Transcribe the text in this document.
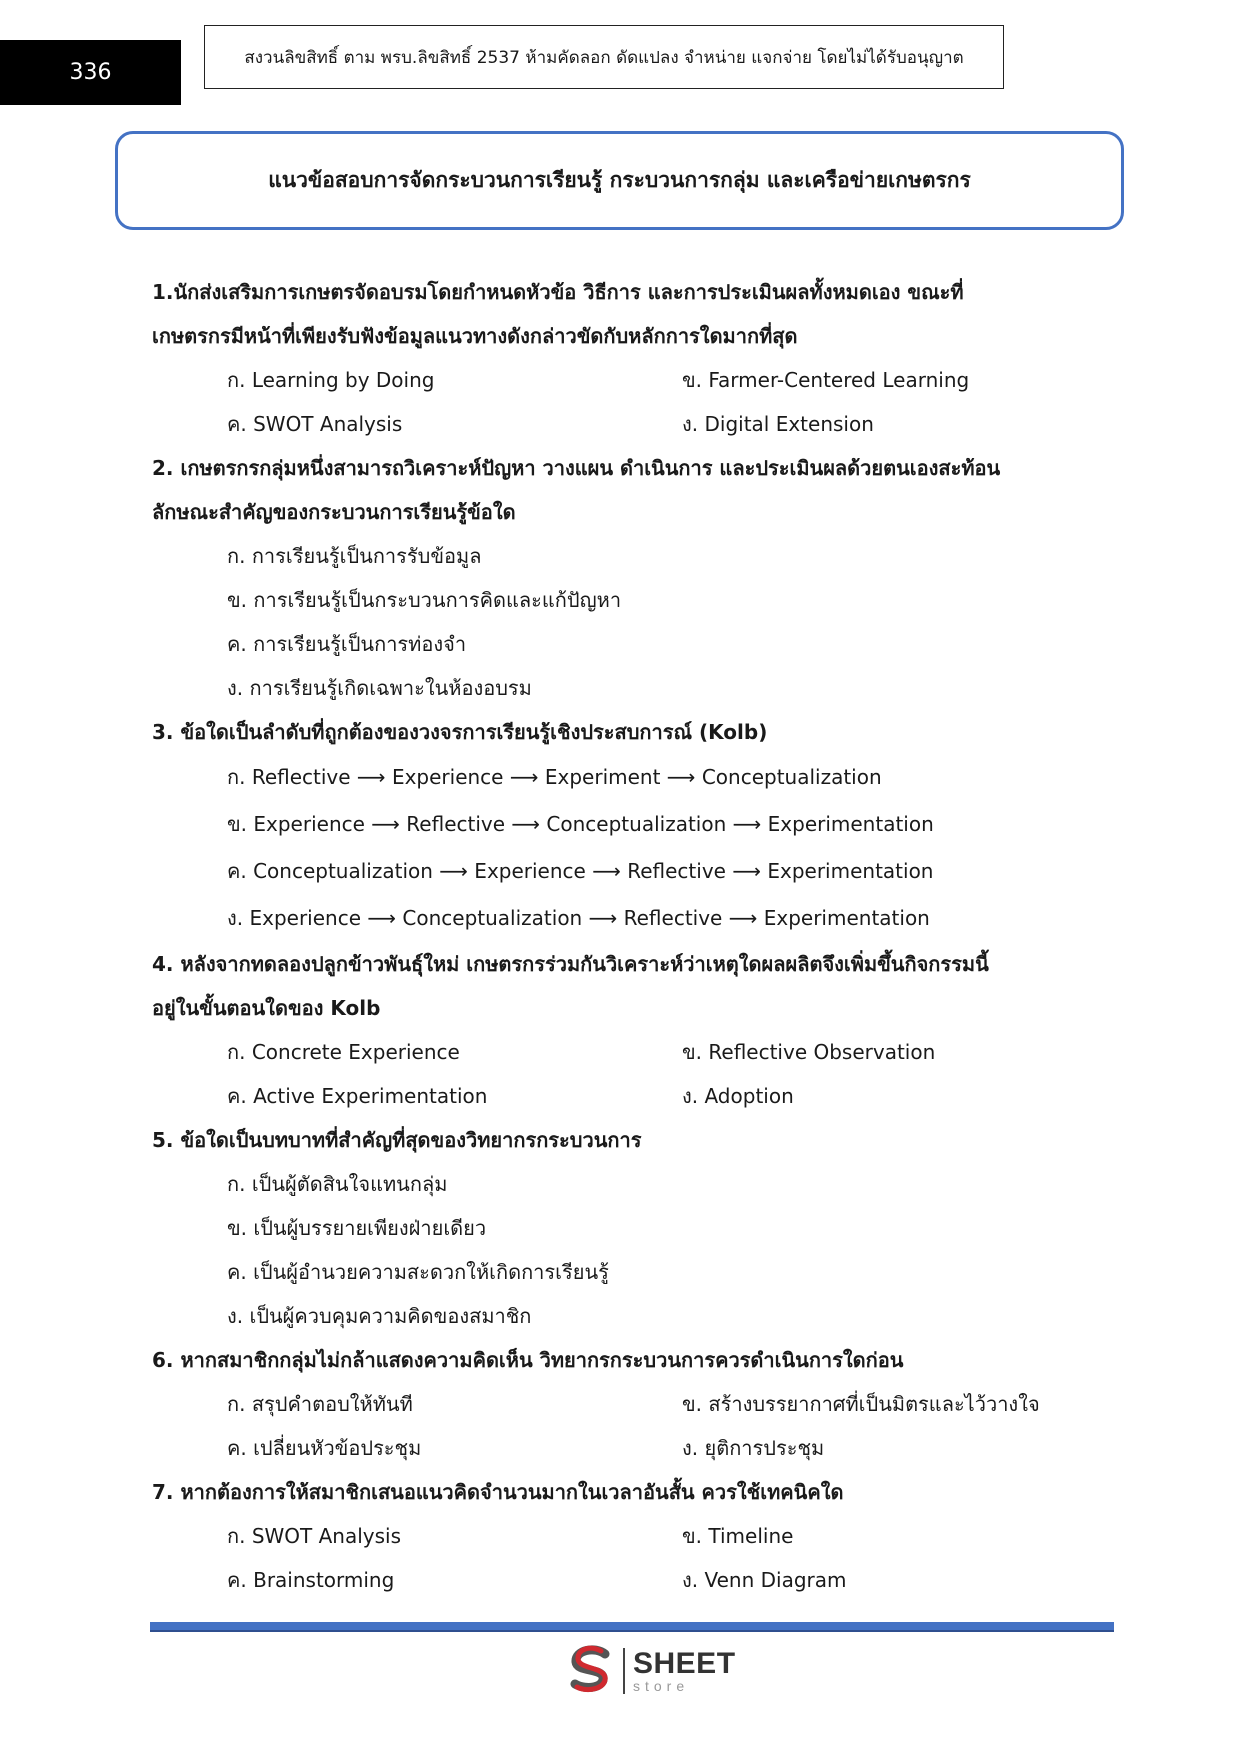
336
สงวนลิขสิทธิ์ ตาม พรบ.ลิขสิทธิ์ 2537 ห้ามคัดลอก ดัดแปลง จำหน่าย แจกจ่าย โดยไม่ได้รับอนุญาต
แนวข้อสอบการจัดกระบวนการเรียนรู้ กระบวนการกลุ่ม และเครือข่ายเกษตรกร
1.นักส่งเสริมการเกษตรจัดอบรมโดยกำหนดหัวข้อ วิธีการ และการประเมินผลทั้งหมดเอง ขณะที่
เกษตรกรมีหน้าที่เพียงรับฟังข้อมูลแนวทางดังกล่าวขัดกับหลักการใดมากที่สุด
ก. Learning by Doing	ข. Farmer-Centered Learning
ค. SWOT Analysis	ง. Digital Extension
2. เกษตรกรกลุ่มหนึ่งสามารถวิเคราะห์ปัญหา วางแผน ดำเนินการ และประเมินผลด้วยตนเองสะท้อน
ลักษณะสำคัญของกระบวนการเรียนรู้ข้อใด
ก. การเรียนรู้เป็นการรับข้อมูล
ข. การเรียนรู้เป็นกระบวนการคิดและแก้ปัญหา
ค. การเรียนรู้เป็นการท่องจำ
ง. การเรียนรู้เกิดเฉพาะในห้องอบรม
3. ข้อใดเป็นลำดับที่ถูกต้องของวงจรการเรียนรู้เชิงประสบการณ์ (Kolb)
ก. Reflective ⟶ Experience ⟶ Experiment ⟶ Conceptualization
ข. Experience ⟶ Reflective ⟶ Conceptualization ⟶ Experimentation
ค. Conceptualization ⟶ Experience ⟶ Reflective ⟶ Experimentation
ง. Experience ⟶ Conceptualization ⟶ Reflective ⟶ Experimentation
4. หลังจากทดลองปลูกข้าวพันธุ์ใหม่ เกษตรกรร่วมกันวิเคราะห์ว่าเหตุใดผลผลิตจึงเพิ่มขึ้นกิจกรรมนี้
อยู่ในขั้นตอนใดของ Kolb
ก. Concrete Experience	ข. Reflective Observation
ค. Active Experimentation	ง. Adoption
5. ข้อใดเป็นบทบาทที่สำคัญที่สุดของวิทยากรกระบวนการ
ก. เป็นผู้ตัดสินใจแทนกลุ่ม
ข. เป็นผู้บรรยายเพียงฝ่ายเดียว
ค. เป็นผู้อำนวยความสะดวกให้เกิดการเรียนรู้
ง. เป็นผู้ควบคุมความคิดของสมาชิก
6. หากสมาชิกกลุ่มไม่กล้าแสดงความคิดเห็น วิทยากรกระบวนการควรดำเนินการใดก่อน
ก. สรุปคำตอบให้ทันที	ข. สร้างบรรยากาศที่เป็นมิตรและไว้วางใจ
ค. เปลี่ยนหัวข้อประชุม	ง. ยุติการประชุม
7. หากต้องการให้สมาชิกเสนอแนวคิดจำนวนมากในเวลาอันสั้น ควรใช้เทคนิคใด
ก. SWOT Analysis	ข. Timeline
ค. Brainstorming	ง. Venn Diagram
SHEET
store
